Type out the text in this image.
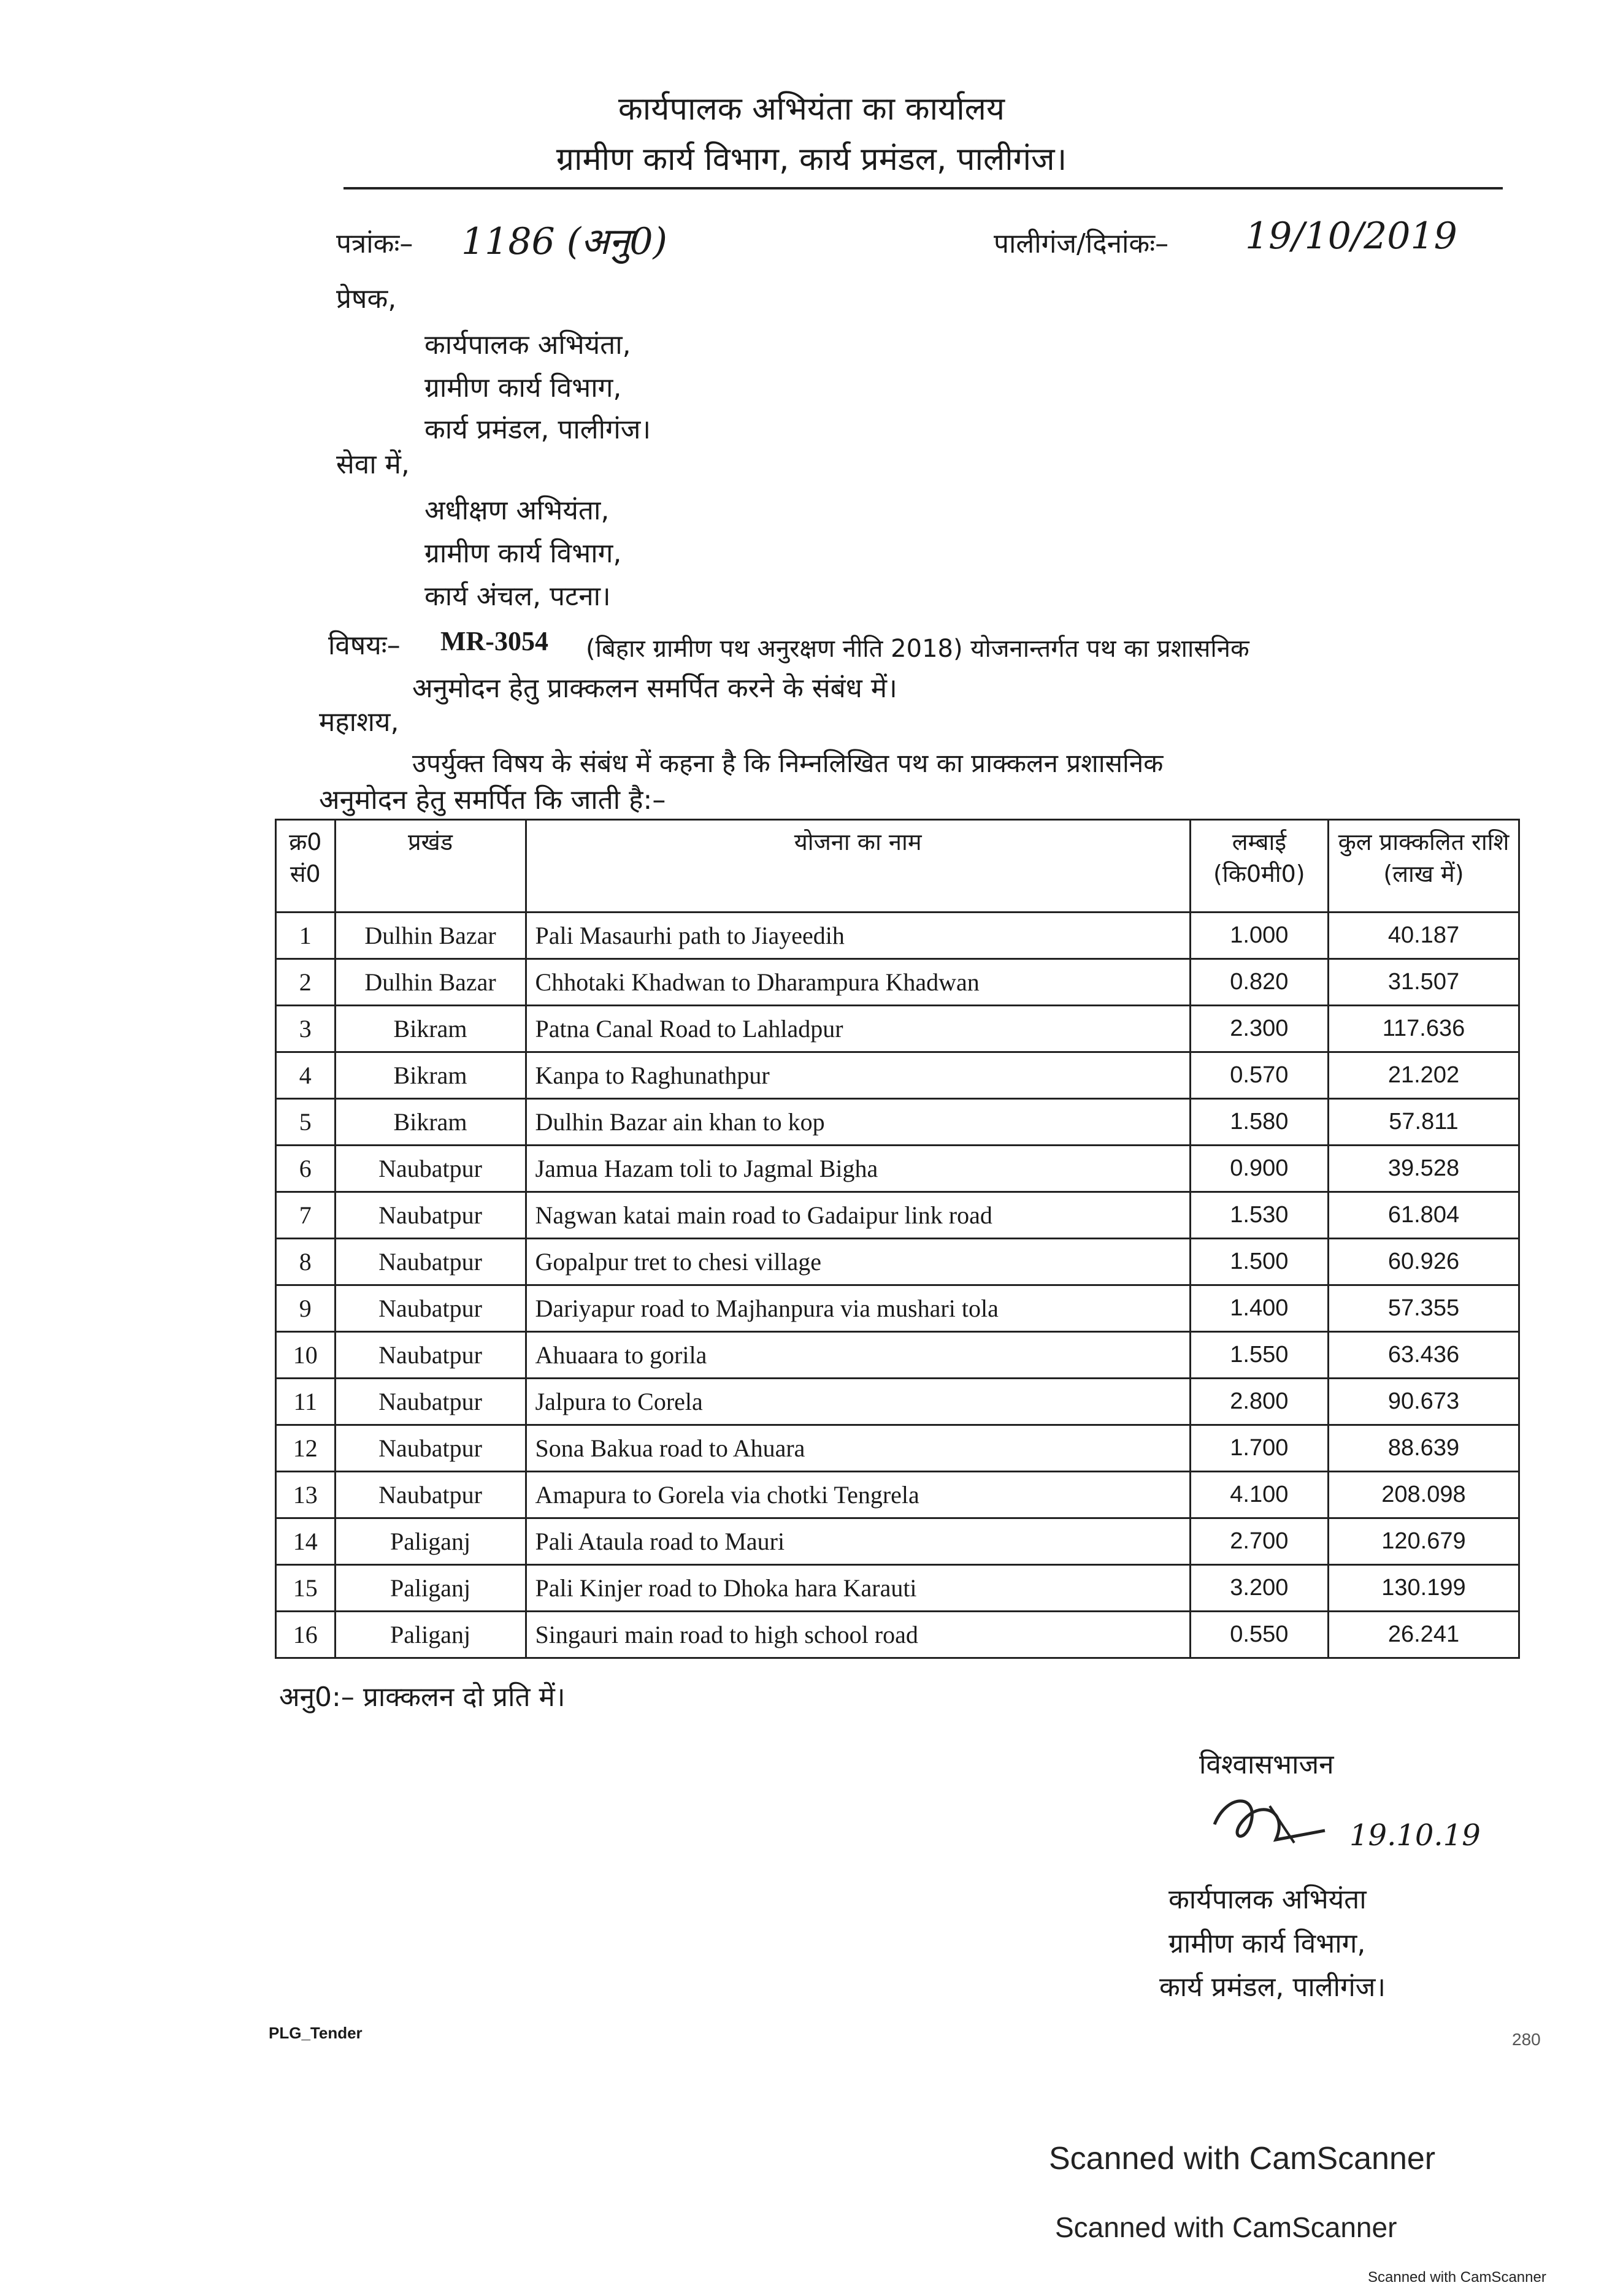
कार्यपालक अभियंता का कार्यालय
ग्रामीण कार्य विभाग, कार्य प्रमंडल, पालीगंज।
पत्रांकः– 1186 (अनु0)	पालीगंज/दिनांकः– 19/10/2019
प्रेषक,
कार्यपालक अभियंता,
ग्रामीण कार्य विभाग,
कार्य प्रमंडल, पालीगंज।
सेवा में,
अधीक्षण अभियंता,
ग्रामीण कार्य विभाग,
कार्य अंचल, पटना।
विषयः– MR-3054 (बिहार ग्रामीण पथ अनुरक्षण नीति 2018) योजनान्तर्गत पथ का प्रशासनिक
अनुमोदन हेतु प्राक्कलन समर्पित करने के संबंध में।
महाशय,
उपर्युक्त विषय के संबंध में कहना है कि निम्नलिखित पथ का प्राक्कलन प्रशासनिक
अनुमोदन हेतु समर्पित कि जाती है:–
क्र0 सं0	प्रखंड	योजना का नाम	लम्बाई (कि0मी0)	कुल प्राक्कलित राशि (लाख में)
1	Dulhin Bazar	Pali Masaurhi path to Jiayeedih	1.000	40.187
2	Dulhin Bazar	Chhotaki Khadwan to Dharampura Khadwan	0.820	31.507
3	Bikram	Patna Canal Road to Lahladpur	2.300	117.636
4	Bikram	Kanpa to Raghunathpur	0.570	21.202
5	Bikram	Dulhin Bazar ain khan to kop	1.580	57.811
6	Naubatpur	Jamua Hazam toli to Jagmal Bigha	0.900	39.528
7	Naubatpur	Nagwan katai main road to Gadaipur link road	1.530	61.804
8	Naubatpur	Gopalpur tret to chesi village	1.500	60.926
9	Naubatpur	Dariyapur road to Majhanpura via mushari tola	1.400	57.355
10	Naubatpur	Ahuaara to gorila	1.550	63.436
11	Naubatpur	Jalpura to Corela	2.800	90.673
12	Naubatpur	Sona Bakua road to Ahuara	1.700	88.639
13	Naubatpur	Amapura to Gorela via chotki Tengrela	4.100	208.098
14	Paliganj	Pali Ataula road to Mauri	2.700	120.679
15	Paliganj	Pali Kinjer road to Dhoka hara Karauti	3.200	130.199
16	Paliganj	Singauri main road to high school road	0.550	26.241
अनु0:– प्राक्कलन दो प्रति में।
विश्वासभाजन
19.10.19
कार्यपालक अभियंता
ग्रामीण कार्य विभाग,
कार्य प्रमंडल, पालीगंज।
PLG_Tender	280
Scanned with CamScanner
Scanned with CamScanner
Scanned with CamScanner
